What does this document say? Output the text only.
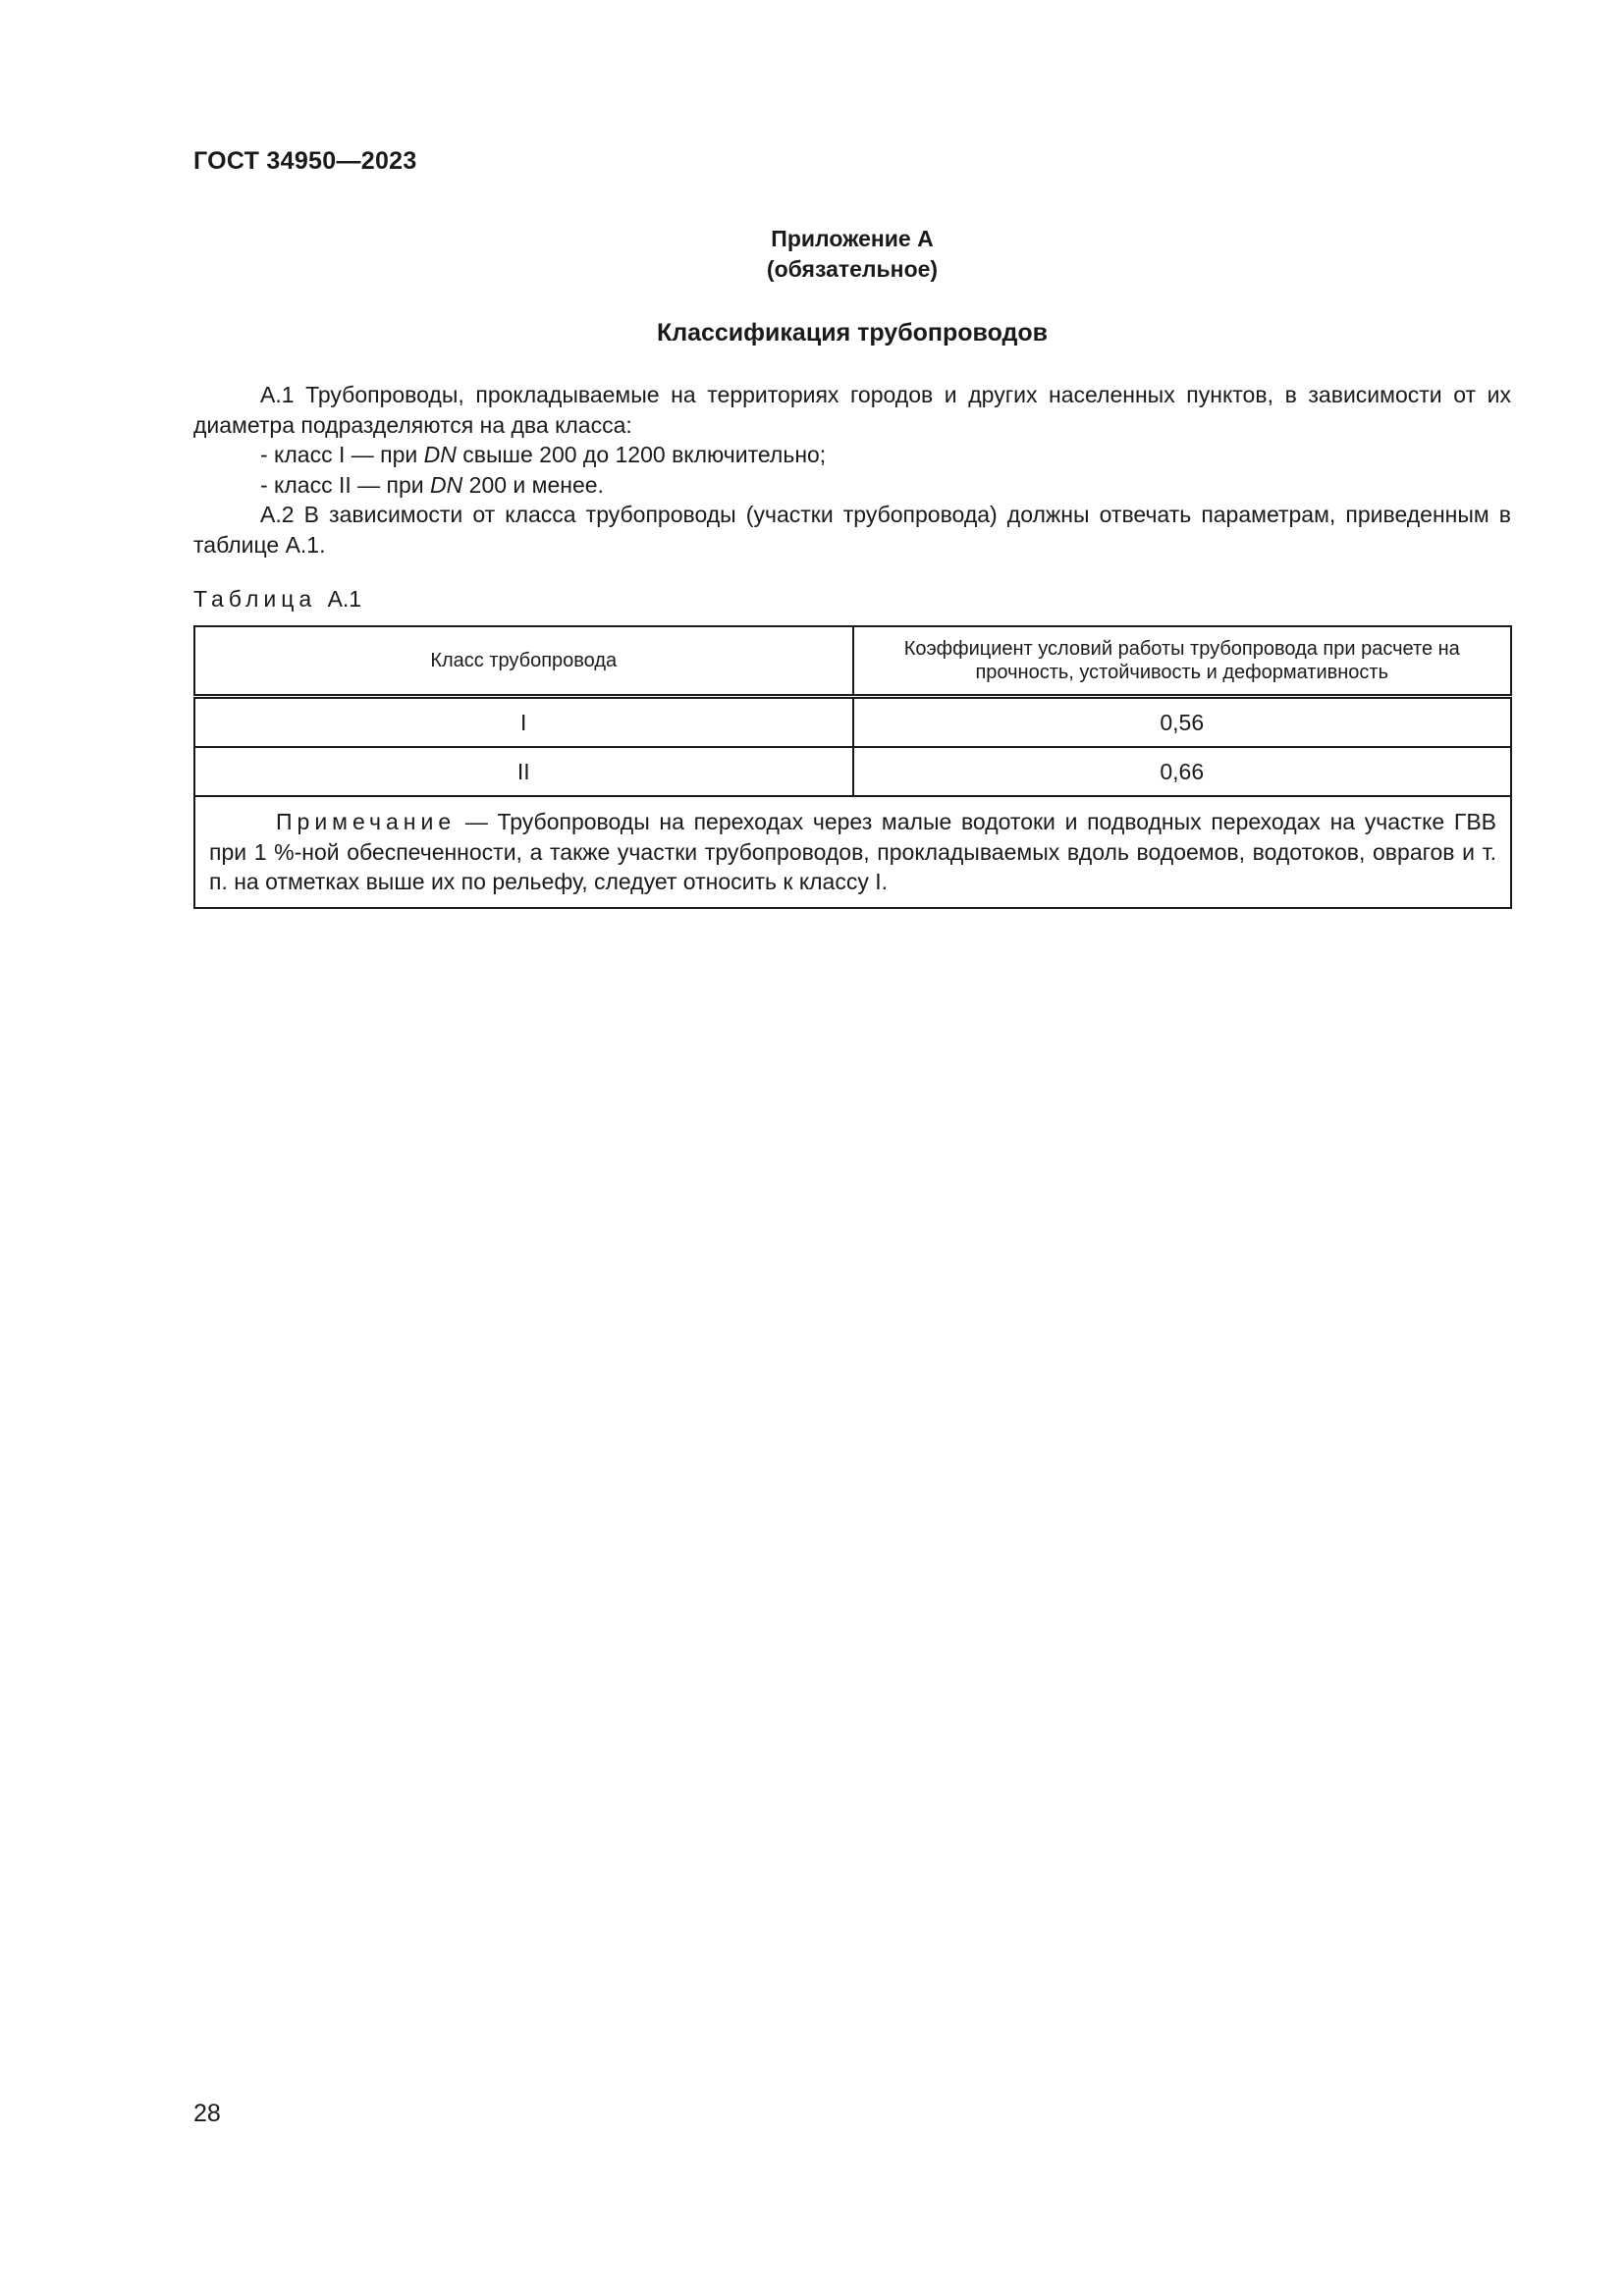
ГОСТ 34950—2023
Приложение А
(обязательное)
Классификация трубопроводов

А.1 Трубопроводы, прокладываемые на территориях городов и других населенных пунктов, в зависимости от их диаметра подразделяются на два класса:

- класс I — при DN свыше 200 до 1200 включительно;

- класс II — при DN 200 и менее.

А.2 В зависимости от класса трубопроводы (участки трубопровода) должны отвечать параметрам, приведенным в таблице А.1.

Таблица А.1
Класс трубопровода	Коэффициент условий работы трубопровода при расчете на прочность, устойчивость и деформативность
I	0,56
II	0,66

Примечание — Трубопроводы на переходах через малые водотоки и подводных переходах на участке ГВВ при 1 %-ной обеспеченности, а также участки трубопроводов, прокладываемых вдоль водоемов, водотоков, оврагов и т. п. на отметках выше их по рельефу, следует относить к классу I.	

28
